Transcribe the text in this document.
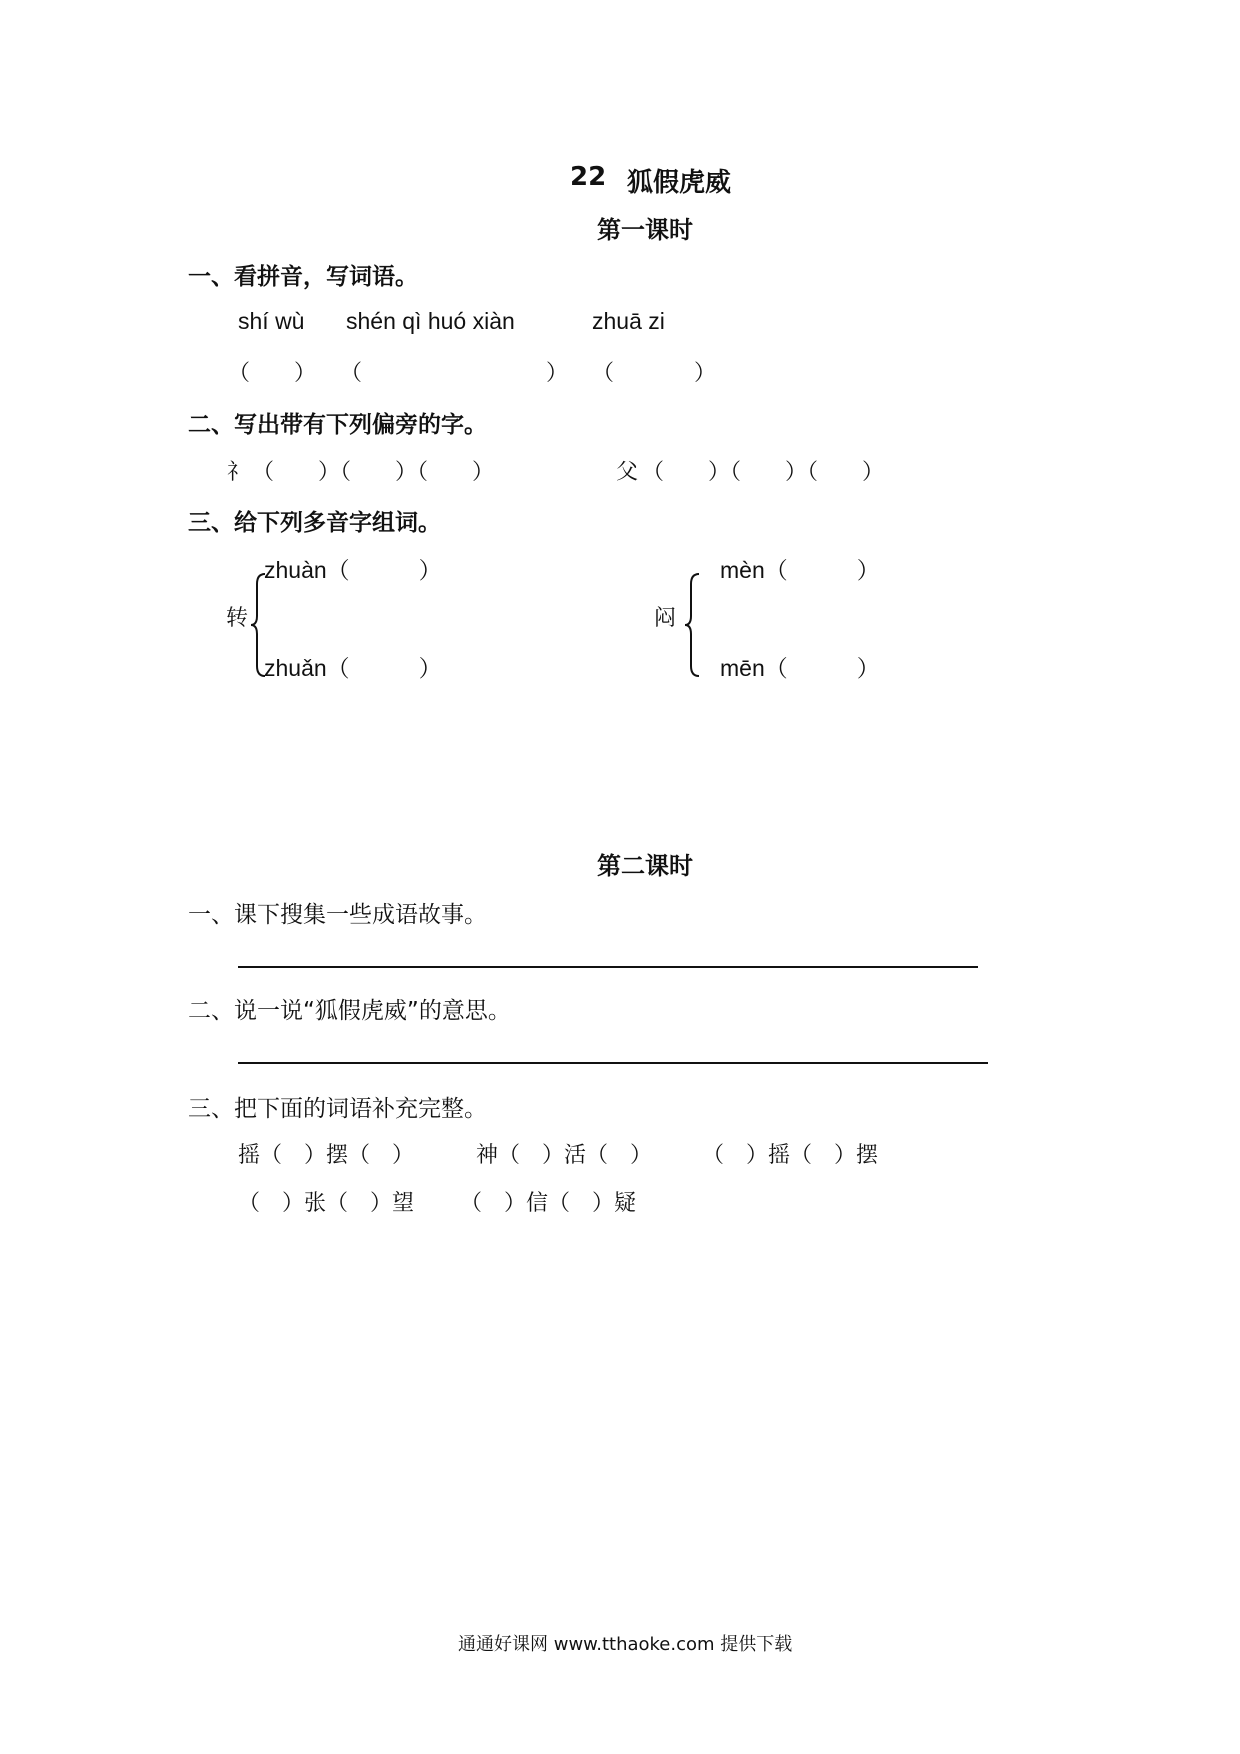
22 狐假虎威
第一课时
一、看拼音，写词语。
shí wù shén qì huó xiàn	zhuā zi
（ ） （	） （	）
二、写出带有下列偏旁的字。
礻 （　　）（　　）（　　）	父 （　　）（　　）（　　）
三、给下列多音字组词。
转
zhuàn（　　　）
zhuǎn（　　　）
闷
mèn（　　　）
mēn（　　　）
第二课时
一、课下搜集一些成语故事。
二、说一说“狐假虎威”的意思。
三、把下面的词语补充完整。
摇（　）摆（　）	神（　）活（　） （　）摇（　）摆
（　）张（　）望 （　）信（　）疑
通通好课网 www.tthaoke.com 提供下载
